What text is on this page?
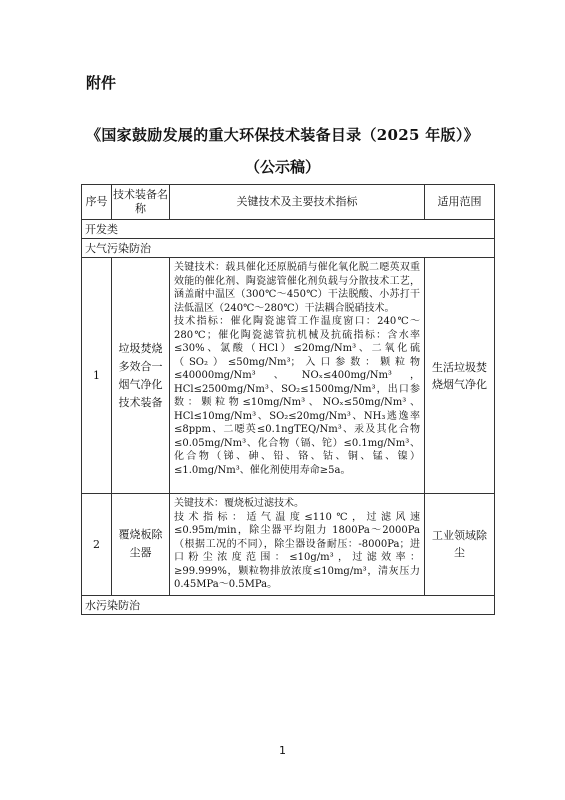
附件
《国家鼓励发展的重大环保技术装备目录（2025 年版）》
（公示稿）
序号	技术装备名称	关键技术及主要技术指标	适用范围
开发类			
大气污染防治			
1	垃圾焚烧多效合一烟气净化技术装备	关键技术：载具催化还原脱硝与催化氧化脱二噁英双重效能的催化剂、陶瓷滤管催化剂负载与分散技术工艺，涵盖耐中温区（300℃～450℃）干法脱酸、小苏打干法低温区（240℃～280℃）干法耦合脱硝技术。
技术指标：催化陶瓷滤管工作温度窗口：240℃～280℃；催化陶瓷滤管抗机械及抗硫指标：含水率≤30%、氯酸（HCl）≤20mg/Nm³、二氧化硫（SO₂）≤50mg/Nm³；入口参数：颗粒物≤40000mg/Nm³、NOₓ≤400mg/Nm³，HCl≤2500mg/Nm³、SO₂≤1500mg/Nm³，出口参数：颗粒物≤10mg/Nm³、NOₓ≤50mg/Nm³、HCl≤10mg/Nm³、SO₂≤20mg/Nm³、NH₃逃逸率≤8ppm、二噁英≤0.1ngTEQ/Nm³、汞及其化合物≤0.05mg/Nm³、化合物（镉、铊）≤0.1mg/Nm³、化合物（锑、砷、铅、铬、钴、铜、锰、镍）≤1.0mg/Nm³、催化剂使用寿命≥5a。	生活垃圾焚烧烟气净化
2	覆烧板除尘器	关键技术：覆烧板过滤技术。
技术指标：适气温度≤110℃，过滤风速≤0.95m/min，除尘器平均阻力 1800Pa～2000Pa（根据工况的不同），除尘器设备耐压：-8000Pa；进口粉尘浓度范围：≤10g/m³，过滤效率：≥99.999%，颗粒物排放浓度≤10mg/m³，清灰压力 0.45MPa～0.5MPa。	工业领域除尘
水污染防治			
1
